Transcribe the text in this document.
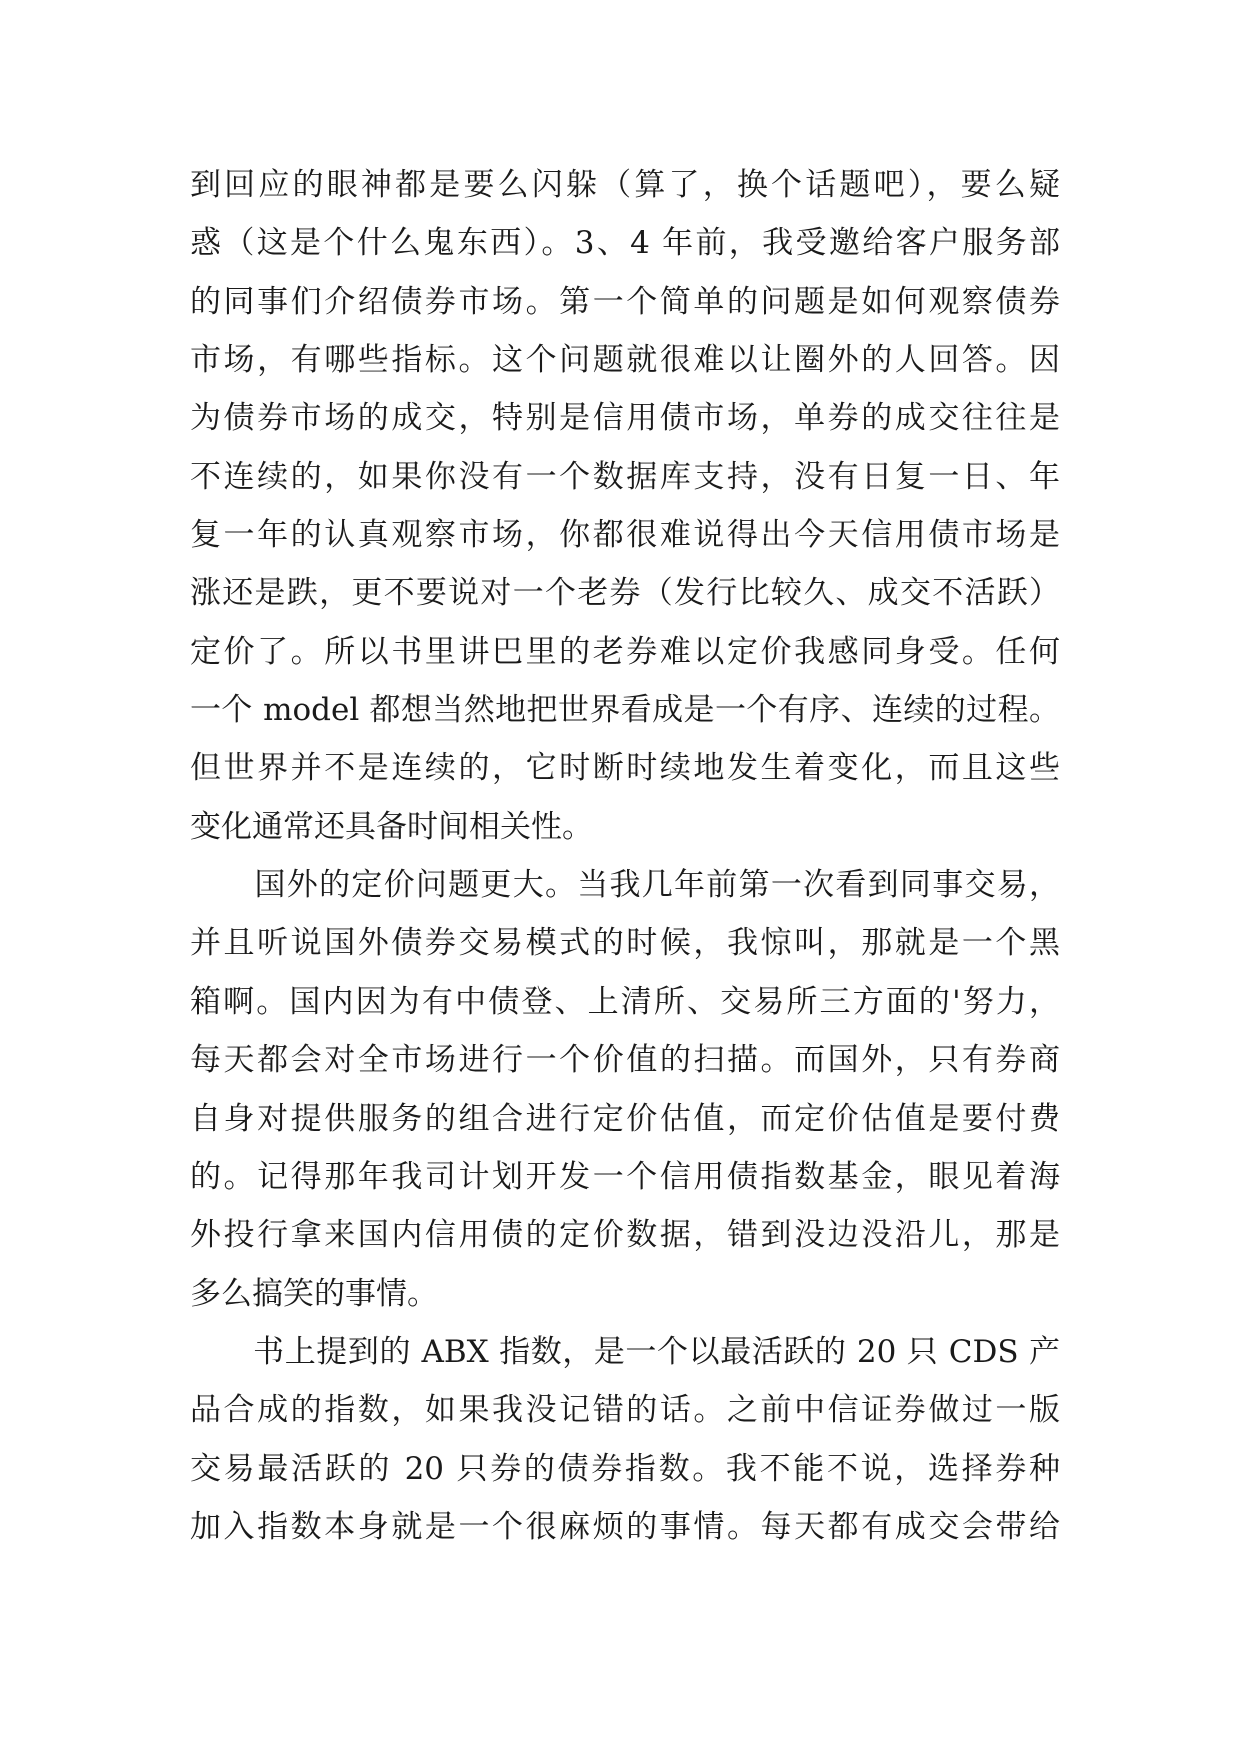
到回应的眼神都是要么闪躲（算了，换个话题吧），要么疑
惑（这是个什么鬼东西）。3、4 年前，我受邀给客户服务部
的同事们介绍债券市场。第一个简单的问题是如何观察债券
市场，有哪些指标。这个问题就很难以让圈外的人回答。因
为债券市场的成交，特别是信用债市场，单券的成交往往是
不连续的，如果你没有一个数据库支持，没有日复一日、年
复一年的认真观察市场，你都很难说得出今天信用债市场是
涨还是跌，更不要说对一个老券（发行比较久、成交不活跃）
定价了。所以书里讲巴里的老券难以定价我感同身受。任何
一个 model 都想当然地把世界看成是一个有序、连续的过程。
但世界并不是连续的，它时断时续地发生着变化，而且这些
变化通常还具备时间相关性。
　　国外的定价问题更大。当我几年前第一次看到同事交易，
并且听说国外债券交易模式的时候，我惊叫，那就是一个黑
箱啊。国内因为有中债登、上清所、交易所三方面的'努力，
每天都会对全市场进行一个价值的扫描。而国外，只有券商
自身对提供服务的组合进行定价估值，而定价估值是要付费
的。记得那年我司计划开发一个信用债指数基金，眼见着海
外投行拿来国内信用债的定价数据，错到没边没沿儿，那是
多么搞笑的事情。
　　书上提到的 ABX 指数，是一个以最活跃的 20 只 CDS 产
品合成的指数，如果我没记错的话。之前中信证券做过一版
交易最活跃的 20 只券的债券指数。我不能不说，选择券种
加入指数本身就是一个很麻烦的事情。每天都有成交会带给
